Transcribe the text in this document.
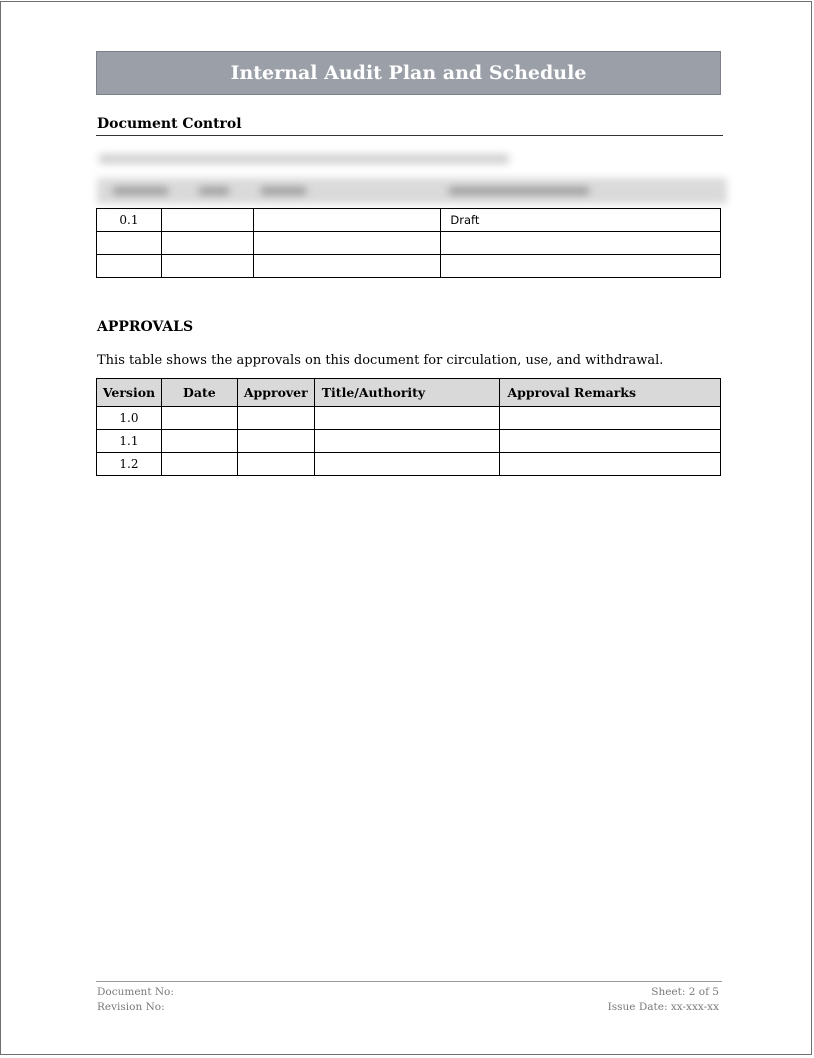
Internal Audit Plan and Schedule
Document Control
0.1			Draft

APPROVALS
This table shows the approvals on this document for circulation, use, and withdrawal.
Version	Date	Approver	Title/Authority	Approval Remarks
1.0				
1.1				
1.2				
Document No:
Revision No:
Sheet: 2 of 5
Issue Date: xx-xxx-xx
